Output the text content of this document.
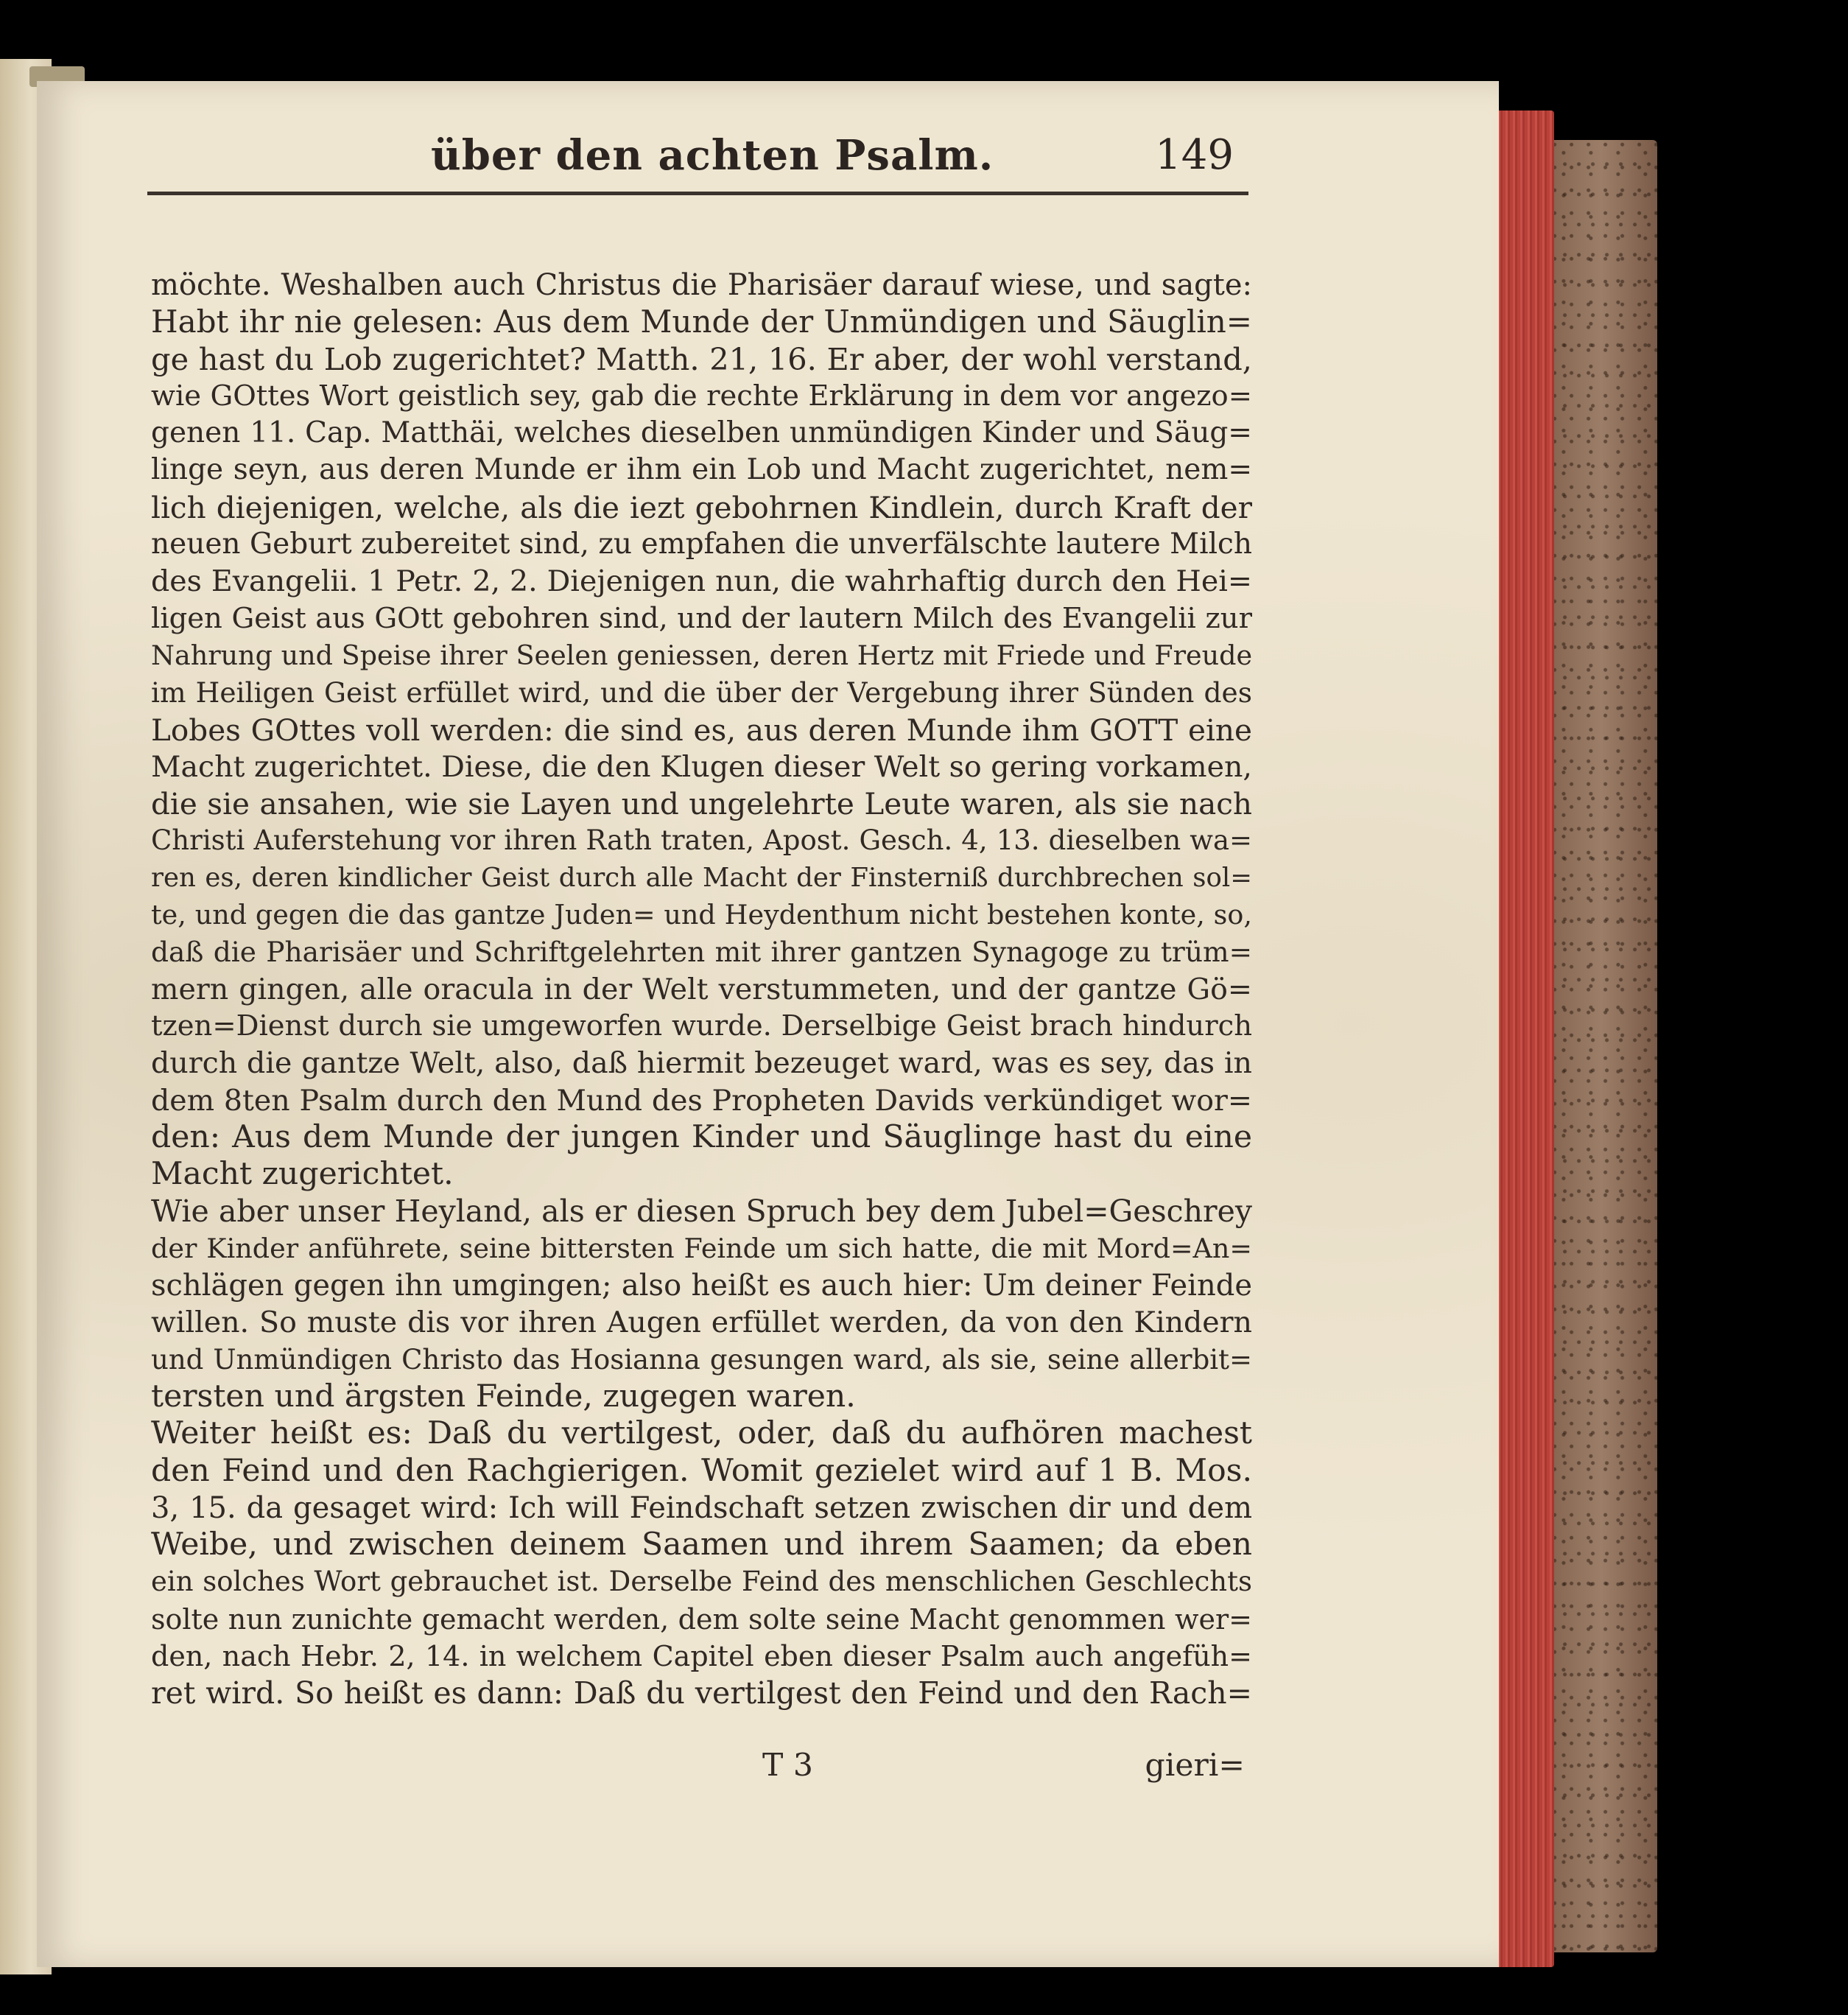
über den achten Psalm.	149
möchte. Weshalben auch Christus die Pharisäer darauf wiese, und sagte:
Habt ihr nie gelesen: Aus dem Munde der Unmündigen und Säuglin=
ge hast du Lob zugerichtet? Matth. 21, 16. Er aber, der wohl verstand,
wie GOttes Wort geistlich sey, gab die rechte Erklärung in dem vor angezo=
genen 11. Cap. Matthäi, welches dieselben unmündigen Kinder und Säug=
linge seyn, aus deren Munde er ihm ein Lob und Macht zugerichtet, nem=
lich diejenigen, welche, als die iezt gebohrnen Kindlein, durch Kraft der
neuen Geburt zubereitet sind, zu empfahen die unverfälschte lautere Milch
des Evangelii. 1 Petr. 2, 2. Diejenigen nun, die wahrhaftig durch den Hei=
ligen Geist aus GOtt gebohren sind, und der lautern Milch des Evangelii zur
Nahrung und Speise ihrer Seelen geniessen, deren Hertz mit Friede und Freude
im Heiligen Geist erfüllet wird, und die über der Vergebung ihrer Sünden des
Lobes GOttes voll werden: die sind es, aus deren Munde ihm GOTT eine
Macht zugerichtet. Diese, die den Klugen dieser Welt so gering vorkamen,
die sie ansahen, wie sie Layen und ungelehrte Leute waren, als sie nach
Christi Auferstehung vor ihren Rath traten, Apost. Gesch. 4, 13. dieselben wa=
ren es, deren kindlicher Geist durch alle Macht der Finsterniß durchbrechen sol=
te, und gegen die das gantze Juden= und Heydenthum nicht bestehen konte, so,
daß die Pharisäer und Schriftgelehrten mit ihrer gantzen Synagoge zu trüm=
mern gingen, alle oracula in der Welt verstummeten, und der gantze Gö=
tzen=Dienst durch sie umgeworfen wurde. Derselbige Geist brach hindurch
durch die gantze Welt, also, daß hiermit bezeuget ward, was es sey, das in
dem 8ten Psalm durch den Mund des Propheten Davids verkündiget wor=
den: Aus dem Munde der jungen Kinder und Säuglinge hast du eine
Macht zugerichtet.
Wie aber unser Heyland, als er diesen Spruch bey dem Jubel=Geschrey
der Kinder anführete, seine bittersten Feinde um sich hatte, die mit Mord=An=
schlägen gegen ihn umgingen; also heißt es auch hier: Um deiner Feinde
willen. So muste dis vor ihren Augen erfüllet werden, da von den Kindern
und Unmündigen Christo das Hosianna gesungen ward, als sie, seine allerbit=
tersten und ärgsten Feinde, zugegen waren.
Weiter heißt es: Daß du vertilgest, oder, daß du aufhören machest
den Feind und den Rachgierigen. Womit gezielet wird auf 1 B. Mos.
3, 15. da gesaget wird: Ich will Feindschaft setzen zwischen dir und dem
Weibe, und zwischen deinem Saamen und ihrem Saamen; da eben
ein solches Wort gebrauchet ist. Derselbe Feind des menschlichen Geschlechts
solte nun zunichte gemacht werden, dem solte seine Macht genommen wer=
den, nach Hebr. 2, 14. in welchem Capitel eben dieser Psalm auch angefüh=
ret wird. So heißt es dann: Daß du vertilgest den Feind und den Rach=
T 3	gieri=
